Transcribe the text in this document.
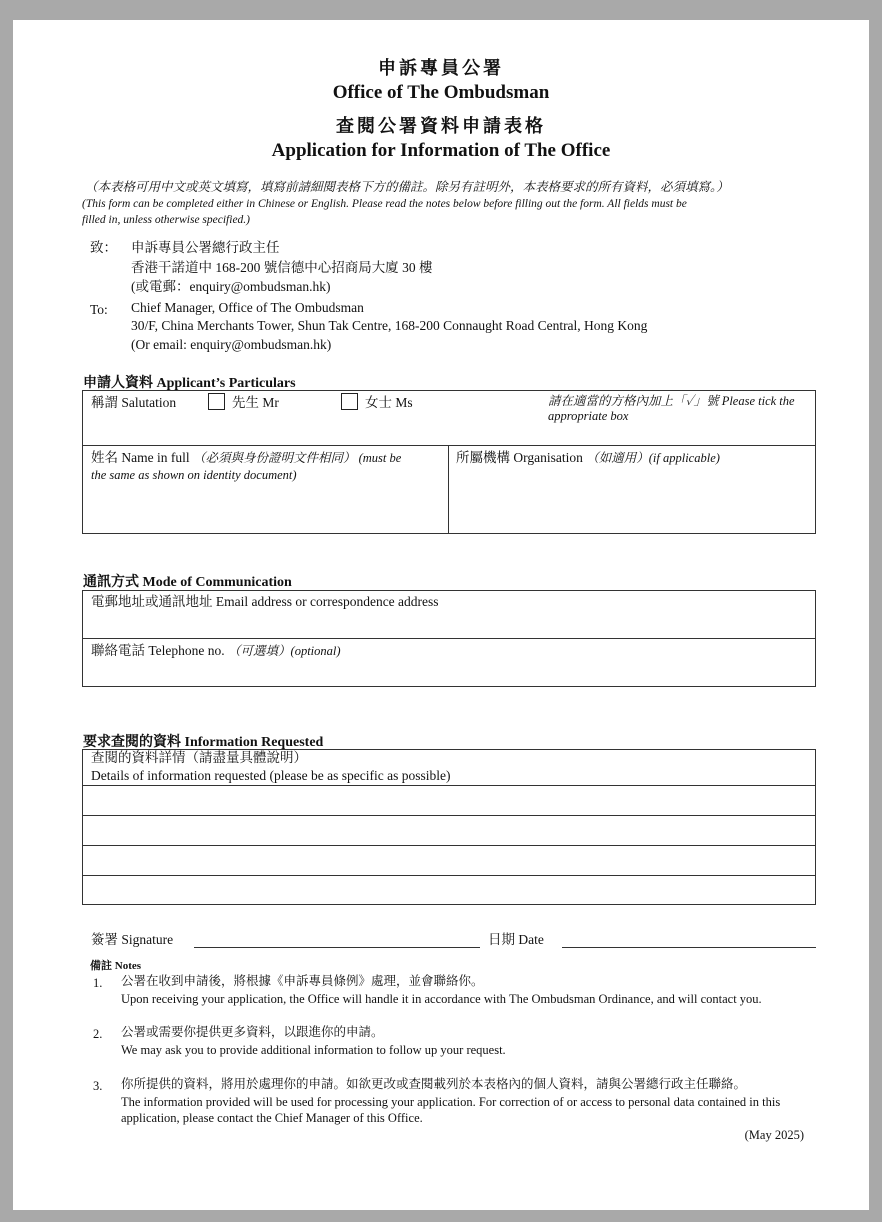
申訴專員公署
Office of The Ombudsman
查閱公署資料申請表格
Application for Information of The Office
（本表格可用中文或英文填寫，填寫前請細閱表格下方的備註。除另有註明外，本表格要求的所有資料，必須填寫。）
(This form can be completed either in Chinese or English. Please read the notes below before filling out the form. All fields must be
filled in, unless otherwise specified.)
致： 申訴專員公署總行政主任
香港干諾道中 168-200 號信德中心招商局大廈 30 樓
(或電郵：enquiry@ombudsman.hk)
To: Chief Manager, Office of The Ombudsman
30/F, China Merchants Tower, Shun Tak Centre, 168-200 Connaught Road Central, Hong Kong
(Or email: enquiry@ombudsman.hk)
申請人資料 Applicant’s Particulars
稱謂 Salutation	先生 Mr	女士 Ms	請在適當的方格內加上「✓」號 Please tick the
appropriate box
姓名 Name in full （必須與身份證明文件相同） (must be
the same as shown on identity document)
所屬機構 Organisation （如適用）(if applicable)
通訊方式 Mode of Communication
電郵地址或通訊地址 Email address or correspondence address
聯絡電話 Telephone no. （可選填）(optional)
要求查閱的資料 Information Requested
查閱的資料詳情（請盡量具體說明）
Details of information requested (please be as specific as possible)
簽署 Signature	日期 Date
備註 Notes
1. 公署在收到申請後，將根據《申訴專員條例》處理，並會聯絡你。
Upon receiving your application, the Office will handle it in accordance with The Ombudsman Ordinance, and will contact you.
2. 公署或需要你提供更多資料，以跟進你的申請。
We may ask you to provide additional information to follow up your request.
3. 你所提供的資料，將用於處理你的申請。如欲更改或查閱載列於本表格內的個人資料，請與公署總行政主任聯絡。
The information provided will be used for processing your application. For correction of or access to personal data contained in this
application, please contact the Chief Manager of this Office.
(May 2025)
